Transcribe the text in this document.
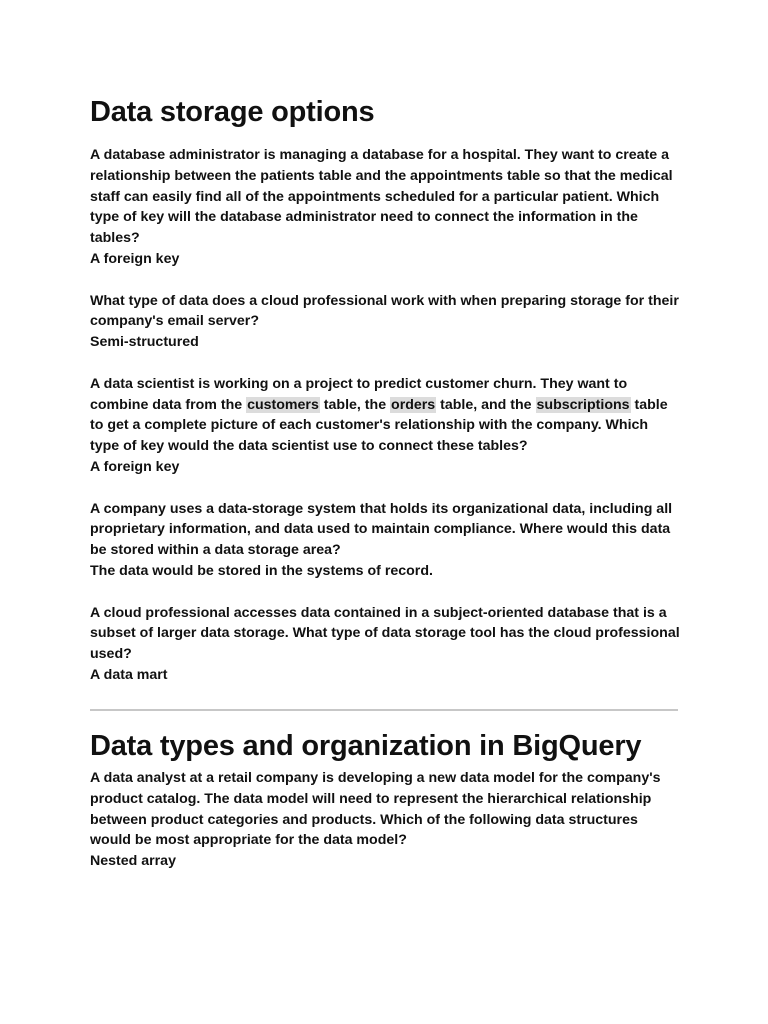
Data storage options

A database administrator is managing a database for a hospital. They want to create a relationship between the patients table and the appointments table so that the medical staff can easily find all of the appointments scheduled for a particular patient. Which type of key will the database administrator need to connect the information in the tables?

A foreign key

What type of data does a cloud professional work with when preparing storage for their company's email server?

Semi-structured

A data scientist is working on a project to predict customer churn. They want to combine data from the customers table, the orders table, and the subscriptions table to get a complete picture of each customer's relationship with the company. Which type of key would the data scientist use to connect these tables?

A foreign key

A company uses a data-storage system that holds its organizational data, including all proprietary information, and data used to maintain compliance. Where would this data be stored within a data storage area?

The data would be stored in the systems of record.

A cloud professional accesses data contained in a subject-oriented database that is a subset of larger data storage. What type of data storage tool has the cloud professional used?

A data mart

Data types and organization in BigQuery

A data analyst at a retail company is developing a new data model for the company's product catalog. The data model will need to represent the hierarchical relationship between product categories and products. Which of the following data structures would be most appropriate for the data model?

Nested array
